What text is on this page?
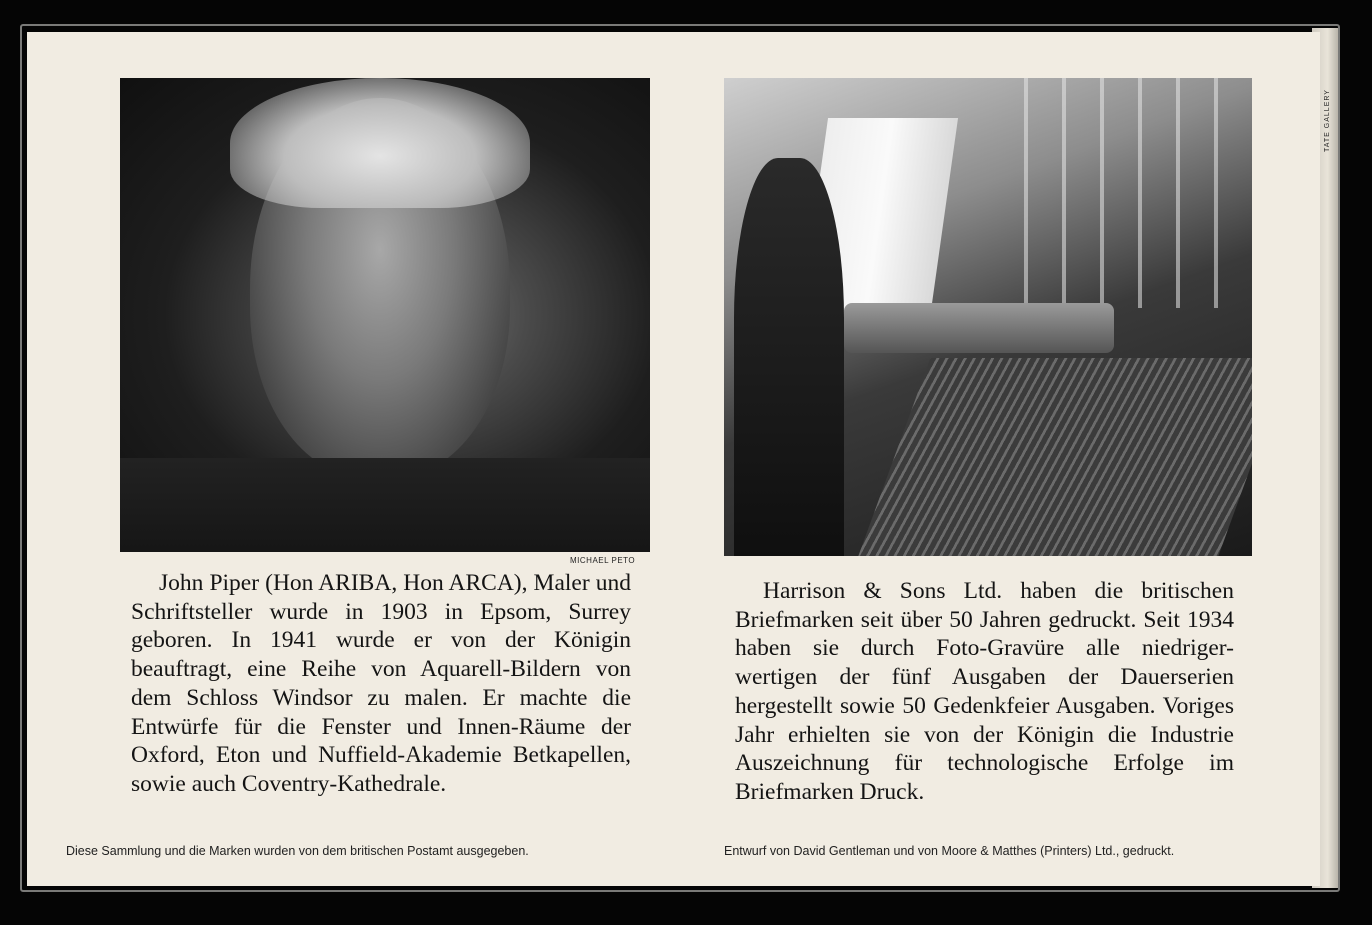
MICHAEL PETO

John Piper (Hon ARIBA, Hon ARCA), Maler und Schriftsteller wurde in 1903 in Epsom, Surrey geboren. In 1941 wurde er von der Königin beauftragt, eine Reihe von Aquarell-Bildern von dem Schloss Windsor zu malen. Er machte die Entwürfe für die Fenster und Innen-Räume der Oxford, Eton und Nuffield-Akademie Betkapellen, sowie auch Coventry-Kathedrale.

Harrison & Sons Ltd. haben die britischen Briefmarken seit über 50 Jahren gedruckt. Seit 1934 haben sie durch Foto-Gravüre alle niedriger-wertigen der fünf Ausgaben der Dauerserien hergestellt sowie 50 Gedenkfeier Ausgaben. Voriges Jahr erhielten sie von der Königin die Industrie Auszeichnung für technologische Erfolge im Briefmarken Druck.

Diese Sammlung und die Marken wurden von dem britischen Postamt ausgegeben.	Entwurf von David Gentleman und von Moore & Matthes (Printers) Ltd., gedruckt.
TATE GALLERY
